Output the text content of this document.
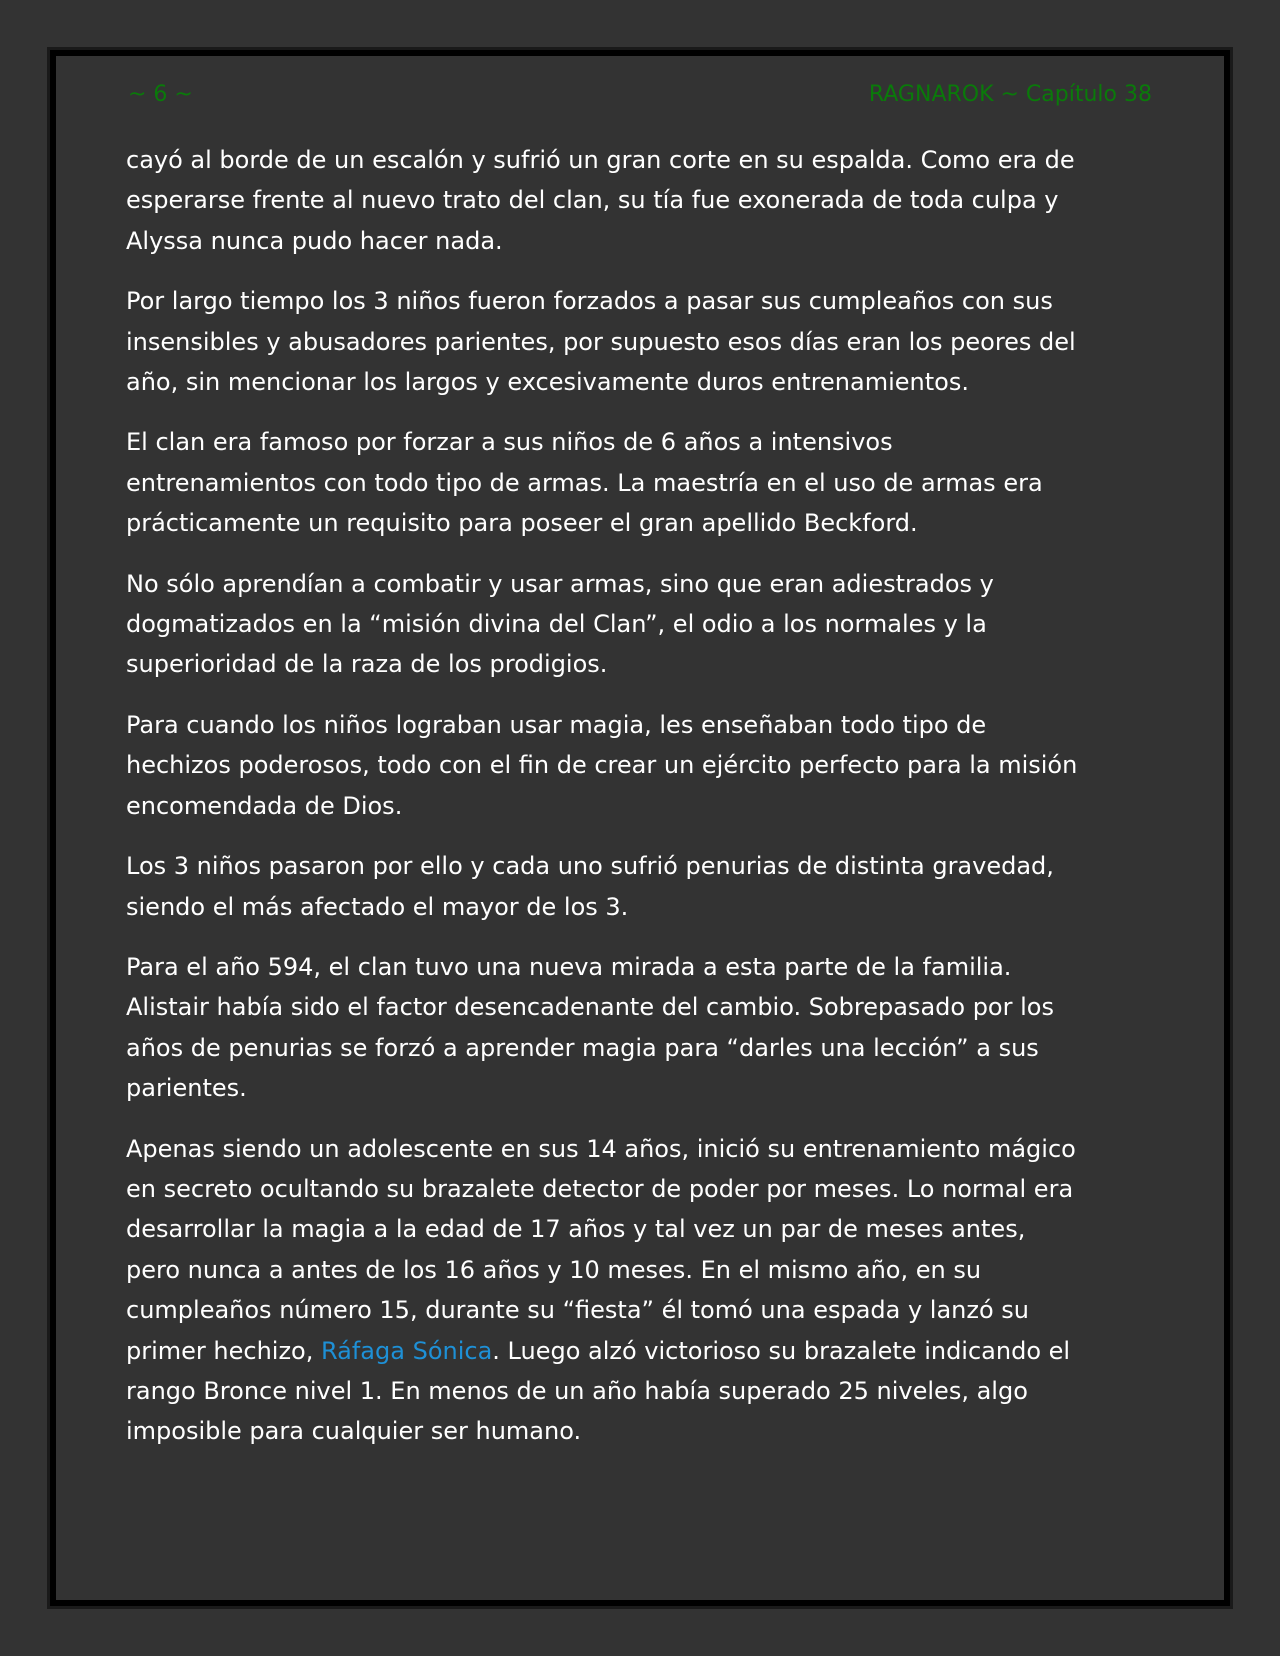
~ 6 ~	RAGNAROK ~ Capítulo 38

cayó al borde de un escalón y sufrió un gran corte en su espalda. Como era de esperarse frente al nuevo trato del clan, su tía fue exonerada de toda culpa y Alyssa nunca pudo hacer nada.

Por largo tiempo los 3 niños fueron forzados a pasar sus cumpleaños con sus insensibles y abusadores parientes, por supuesto esos días eran los peores del año, sin mencionar los largos y excesivamente duros entrenamientos.

El clan era famoso por forzar a sus niños de 6 años a intensivos entrenamientos con todo tipo de armas. La maestría en el uso de armas era prácticamente un requisito para poseer el gran apellido Beckford.

No sólo aprendían a combatir y usar armas, sino que eran adiestrados y dogmatizados en la “misión divina del Clan”, el odio a los normales y la superioridad de la raza de los prodigios.

Para cuando los niños lograban usar magia, les enseñaban todo tipo de hechizos poderosos, todo con el fin de crear un ejército perfecto para la misión encomendada de Dios.

Los 3 niños pasaron por ello y cada uno sufrió penurias de distinta gravedad, siendo el más afectado el mayor de los 3.

Para el año 594, el clan tuvo una nueva mirada a esta parte de la familia. Alistair había sido el factor desencadenante del cambio. Sobrepasado por los años de penurias se forzó a aprender magia para “darles una lección” a sus parientes.

Apenas siendo un adolescente en sus 14 años, inició su entrenamiento mágico en secreto ocultando su brazalete detector de poder por meses. Lo normal era desarrollar la magia a la edad de 17 años y tal vez un par de meses antes, pero nunca a antes de los 16 años y 10 meses. En el mismo año, en su cumpleaños número 15, durante su “fiesta” él tomó una espada y lanzó su primer hechizo, Ráfaga Sónica. Luego alzó victorioso su brazalete indicando el rango Bronce nivel 1. En menos de un año había superado 25 niveles, algo imposible para cualquier ser humano.
